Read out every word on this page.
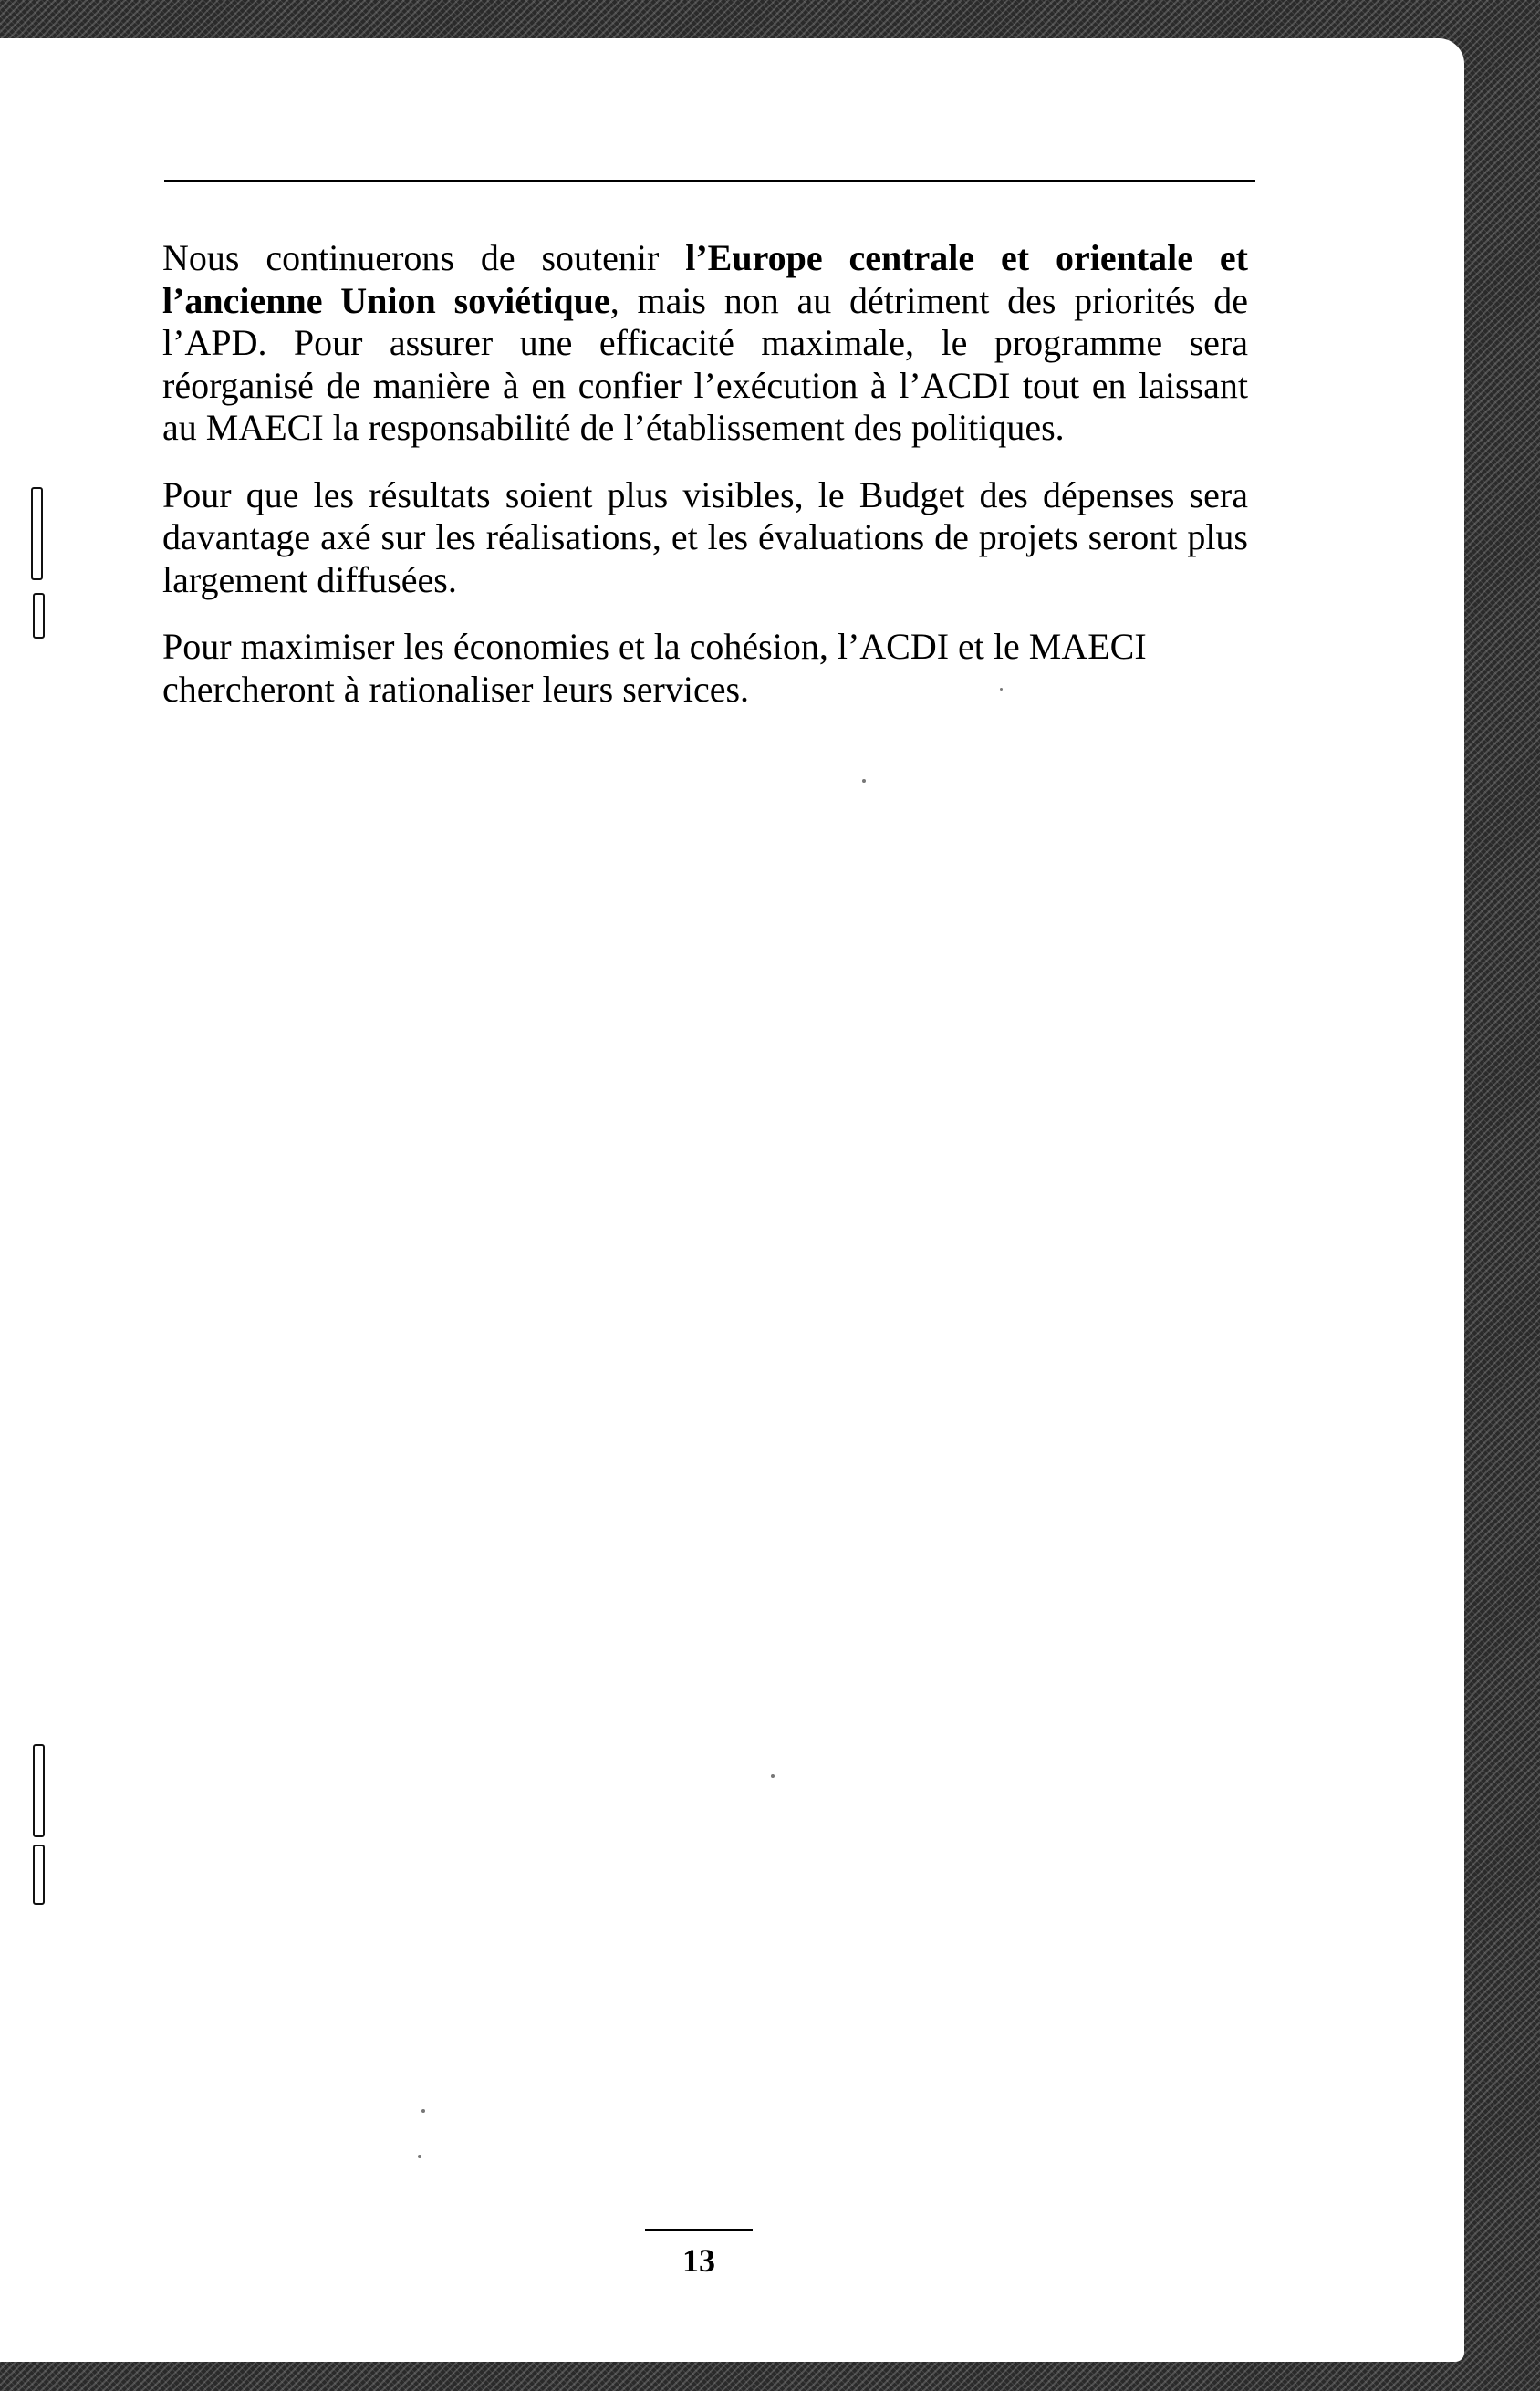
Nous continuerons de soutenir l’Europe centrale et orientale et l’ancienne Union soviétique, mais non au détriment des priorités de l’APD. Pour assurer une efficacité maximale, le programme sera réorganisé de manière à en confier l’exécution à l’ACDI tout en laissant au MAECI la responsabilité de l’établissement des politiques.

Pour que les résultats soient plus visibles, le Budget des dépenses sera davantage axé sur les réalisations, et les évaluations de projets seront plus largement diffusées.

Pour maximiser les économies et la cohésion, l’ACDI et le MAECI chercheront à rationaliser leurs services.

13
